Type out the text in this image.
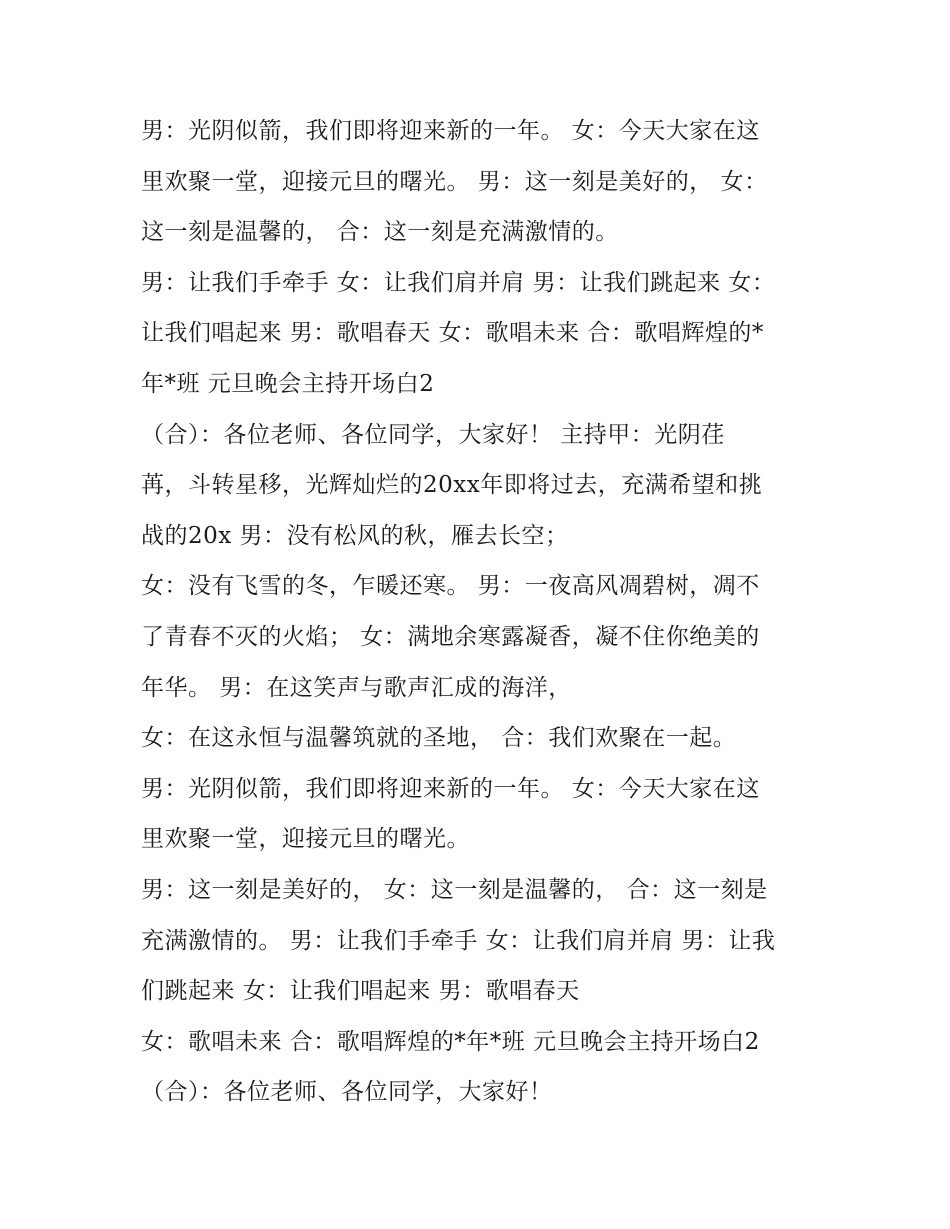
男：光阴似箭，我们即将迎来新的一年。 女：今天大家在这
里欢聚一堂，迎接元旦的曙光。 男：这一刻是美好的， 女：
这一刻是温馨的， 合：这一刻是充满激情的。
男：让我们手牵手 女：让我们肩并肩 男：让我们跳起来 女：
让我们唱起来 男：歌唱春天 女：歌唱未来 合：歌唱辉煌的*
年*班 元旦晚会主持开场白2
（合）：各位老师、各位同学，大家好！ 主持甲：光阴荏
苒，斗转星移，光辉灿烂的20xx年即将过去，充满希望和挑
战的20x 男：没有松风的秋，雁去长空；
女：没有飞雪的冬，乍暖还寒。 男：一夜高风凋碧树，凋不
了青春不灭的火焰； 女：满地余寒露凝香，凝不住你绝美的
年华。 男：在这笑声与歌声汇成的海洋，
女：在这永恒与温馨筑就的圣地， 合：我们欢聚在一起。
男：光阴似箭，我们即将迎来新的一年。 女：今天大家在这
里欢聚一堂，迎接元旦的曙光。
男：这一刻是美好的， 女：这一刻是温馨的， 合：这一刻是
充满激情的。 男：让我们手牵手 女：让我们肩并肩 男：让我
们跳起来 女：让我们唱起来 男：歌唱春天
女：歌唱未来 合：歌唱辉煌的*年*班 元旦晚会主持开场白2
（合）：各位老师、各位同学，大家好！
